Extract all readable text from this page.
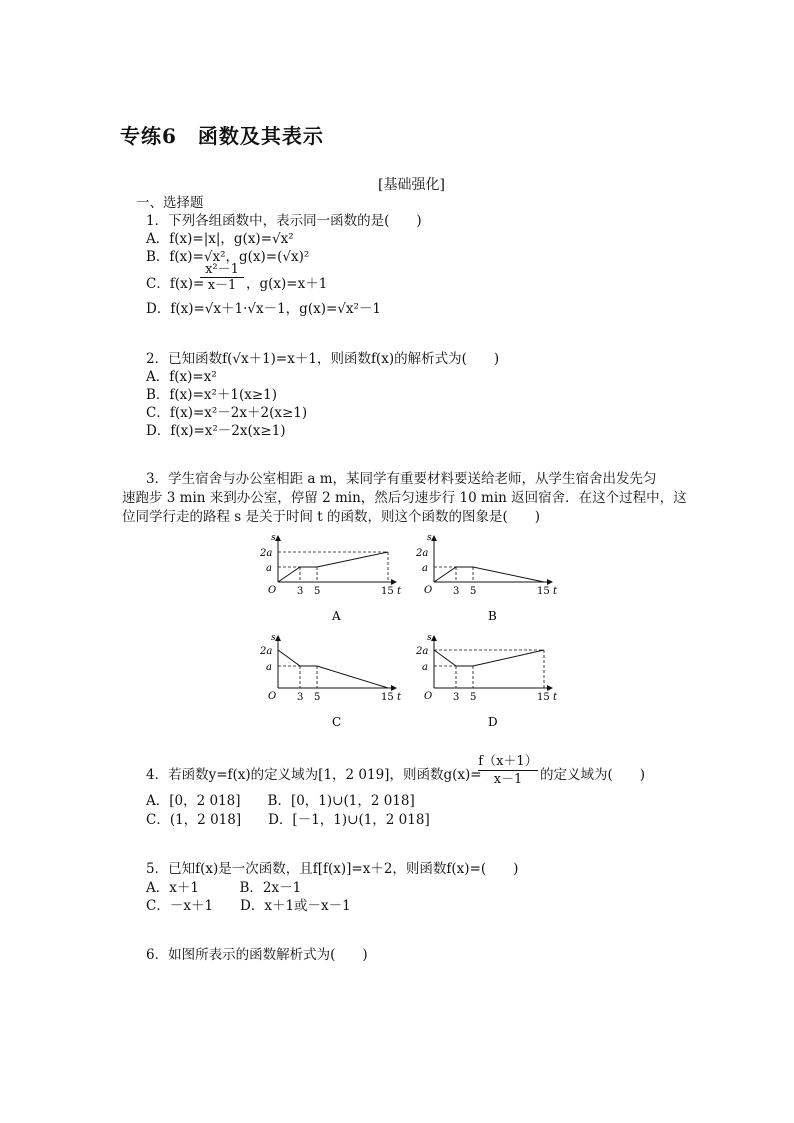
专练6　函数及其表示
[基础强化]
一、选择题
1．下列各组函数中，表示同一函数的是(　　)
A．f(x)=|x|，g(x)=√x²
B．f(x)=√x²，g(x)=(√x)²
C．f(x)=
$\frac{\text{x²－1}}{x-1}$ ，g(x)=x＋1
D．f(x)=√x＋1·√x－1，g(x)=√x²－1
2．已知函数f(√x＋1)=x＋1，则函数f(x)的解析式为(　　)
A．f(x)=x²
B．f(x)=x²＋1(x≥1)
C．f(x)=x²－2x＋2(x≥1)
D．f(x)=x²－2x(x≥1)
3．学生宿舍与办公室相距 a m，某同学有重要材料要送给老师，从学生宿舍出发先匀
速跑步 3 min 来到办公室，停留 2 min，然后匀速步行 10 min 返回宿舍．在这个过程中，这
位同学行走的路程 s 是关于时间 t 的函数，则这个函数的图象是(　　)
s
2a
a
O 3 5	15 t
A
s
2a
a
O 3 5	15 t
B
s
2a
a
O 3 5	15 t
C
s
2a
a
O 3 5	15 t
D
4．若函数y=f(x)的定义域为[1，2 019]，则函数g(x)=
$\frac{f(x+1)}{x-1}$ 的定义域为(　　)
A．[0，2 018]　　B．[0，1)∪(1，2 018]
C．(1，2 018]　　D．[－1，1)∪(1，2 018]
5．已知f(x)是一次函数，且f[f(x)]=x＋2，则函数f(x)=(　　)
A．x＋1　　　B．2x－1
C．－x＋1　　D．x＋1或－x－1
6．如图所表示的函数解析式为(　　)
